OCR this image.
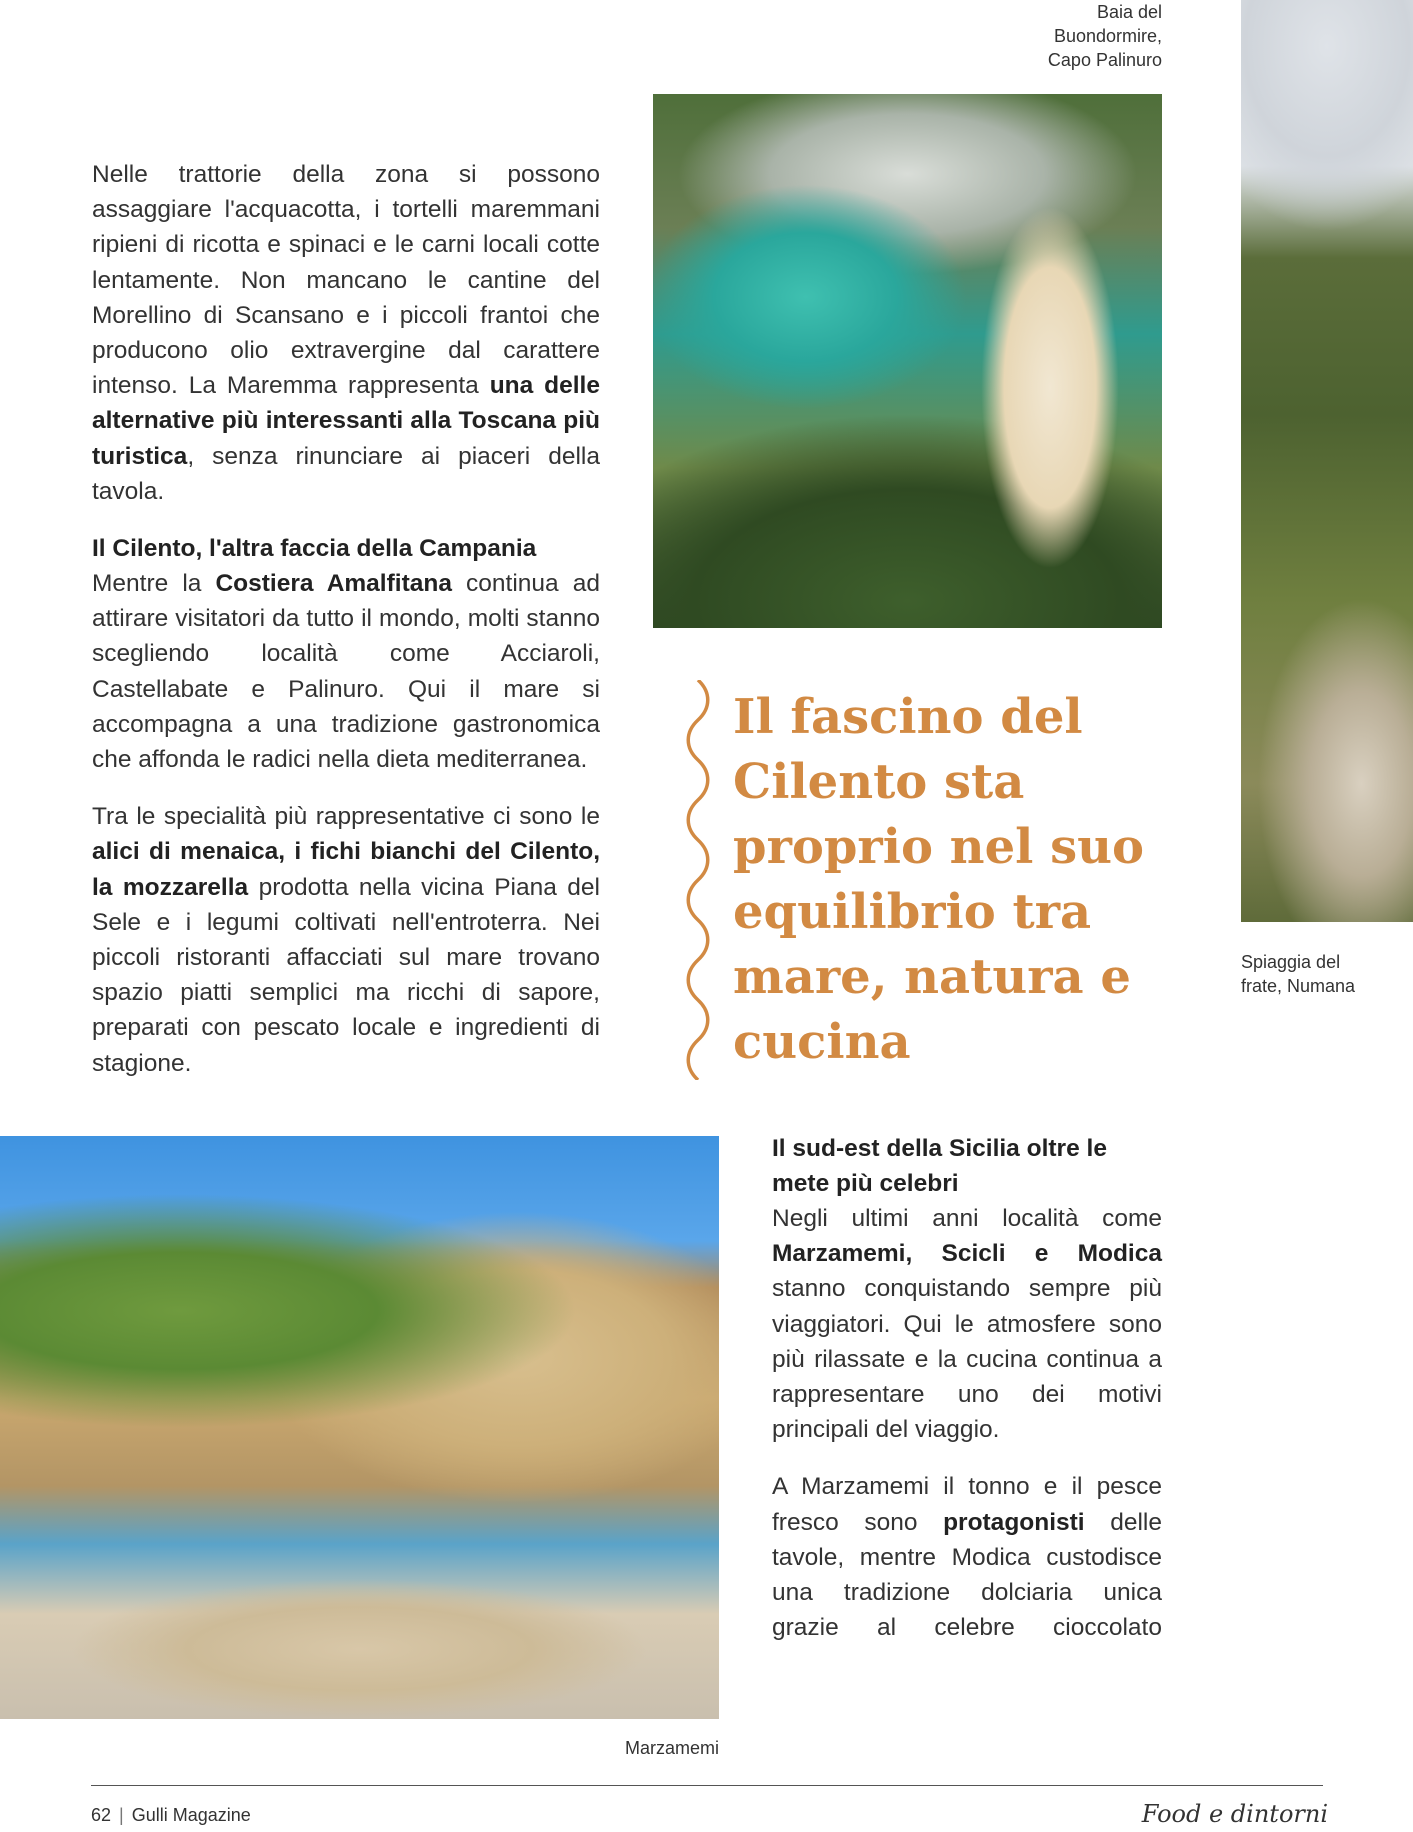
Baia del
Buondormire,
Capo Palinuro
Spiaggia del
frate, Numana

Nelle trattorie della zona si possono assaggiare l'acquacotta, i tortelli maremmani ripieni di ricotta e spinaci e le carni locali cotte lentamente. Non mancano le cantine del Morellino di Scansano e i piccoli frantoi che producono olio extravergine dal carattere intenso. La Maremma rappresenta una delle alternative più interessanti alla Toscana più turistica, senza rinunciare ai piaceri della tavola.

Il Cilento, l'altra faccia della Campania

Mentre la Costiera Amalfitana continua ad attirare visitatori da tutto il mondo, molti stanno scegliendo località come Acciaroli, Castellabate e Palinuro. Qui il mare si accompagna a una tradizione gastronomica che affonda le radici nella dieta mediterranea.

Tra le specialità più rappresentative ci sono le alici di menaica, i fichi bianchi del Cilento, la mozzarella prodotta nella vicina Piana del Sele e i legumi coltivati nell'entroterra. Nei piccoli ristoranti affacciati sul mare trovano spazio piatti semplici ma ricchi di sapore, preparati con pescato locale e ingredienti di stagione.

Il fascino del Cilento sta proprio nel suo equilibrio tra mare, natura e cucina
Marzamemi
Il sud-est della Sicilia oltre le mete più celebri

Negli ultimi anni località come Marzamemi, Scicli e Modica stanno conquistando sempre più viaggiatori. Qui le atmosfere sono più rilassate e la cucina continua a rappresentare uno dei motivi principali del viaggio.

A Marzamemi il tonno e il pesce fresco sono protagonisti delle tavole, mentre Modica custodisce una tradizione dolciaria unica grazie al celebre cioccolato

62 | Gulli Magazine	Food e dintorni
